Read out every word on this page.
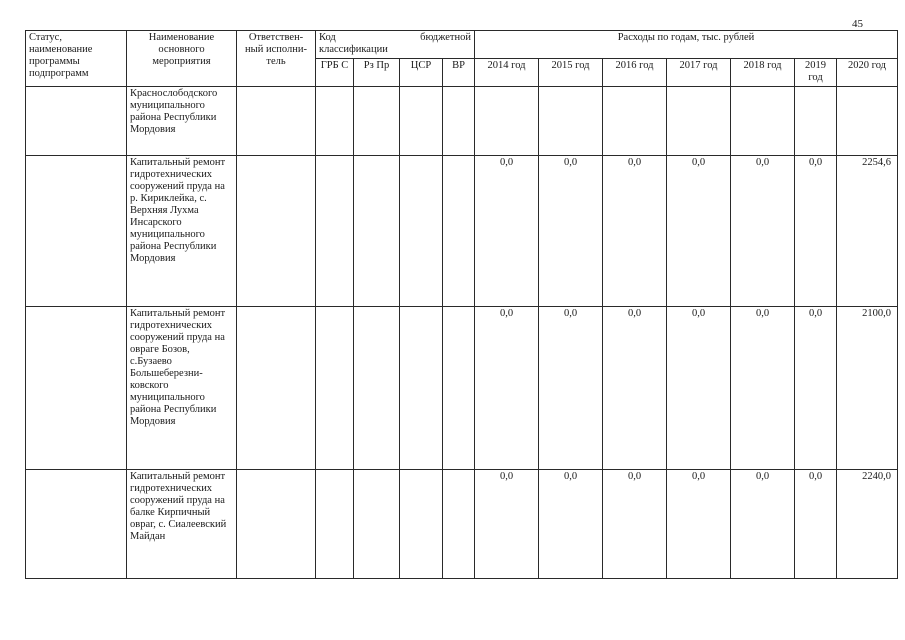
45
Статус, наименование программы подпрограмм	Наименование основного мероприятия	Ответствен-ный исполни-тель	Код бюджетной
классификации				Расходы по годам, тыс. рублей						
			ГРБ С	Рз Пр	ЦСР	ВР	2014 год	2015 год	2016 год	2017 год	2018 год	2019 год	2020 год
	Краснослободского муниципального района Республики Мордовия												
	Капитальный ремонт гидротехнических сооружений пруда на р. Кириклейка, с. Верхняя Лухма Инсарского муниципального района Республики Мордовия						0,0	0,0	0,0	0,0	0,0	0,0	2254,6
	Капитальный ремонт гидротехнических сооружений пруда на овраге Бозов, с.Бузаево Большеберезни-ковского муниципального района Республики Мордовия						0,0	0,0	0,0	0,0	0,0	0,0	2100,0
	Капитальный ремонт гидротехнических сооружений пруда на балке Кирпичный овраг, с. Сиалеевский Майдан						0,0	0,0	0,0	0,0	0,0	0,0	2240,0
